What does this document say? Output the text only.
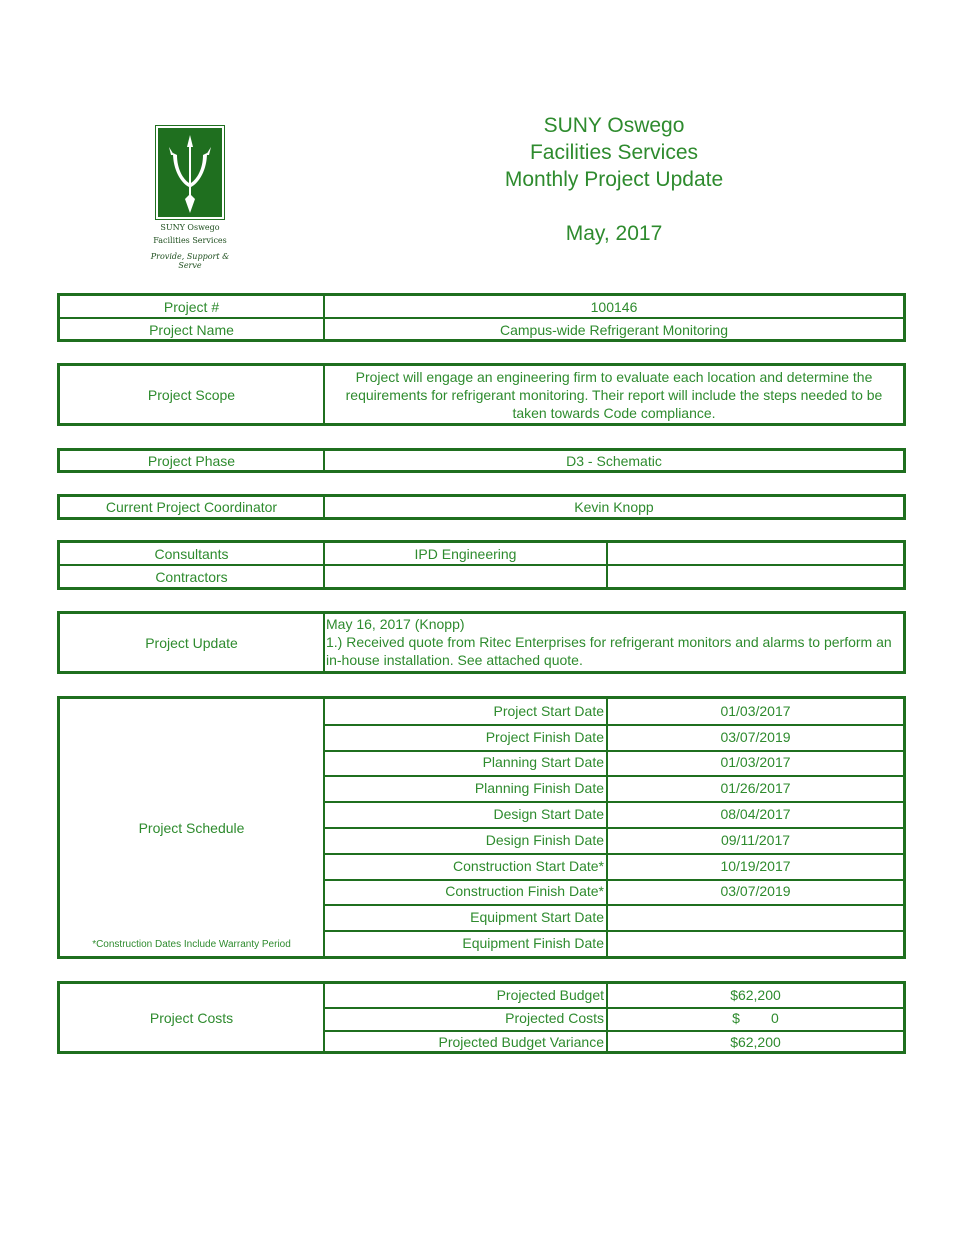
SUNY Oswego
Facilities Services
Provide, Support & Serve
SUNY Oswego
Facilities Services
Monthly Project Update
May, 2017
Project #	100146
Project Name	Campus-wide Refrigerant Monitoring
Project Scope
Project will engage an engineering firm to evaluate each location and determine the requirements for refrigerant monitoring. Their report will include the steps needed to be taken towards Code compliance.
Project Phase	D3 - Schematic
Current Project Coordinator	Kevin Knopp
Consultants	IPD Engineering
Contractors
Project Update
May 16, 2017 (Knopp)
1.) Received quote from Ritec Enterprises for refrigerant monitors and alarms to perform an in-house installation. See attached quote.
Project Schedule
*Construction Dates Include Warranty Period
Project Start Date	01/03/2017
Project Finish Date	03/07/2019
Planning Start Date	01/03/2017
Planning Finish Date	01/26/2017
Design Start Date	08/04/2017
Design Finish Date	09/11/2017
Construction Start Date*	10/19/2017
Construction Finish Date*	03/07/2019
Equipment Start Date
Equipment Finish Date
Project Costs
Projected Budget	$62,200
Projected Costs	$        0
Projected Budget Variance	$62,200
